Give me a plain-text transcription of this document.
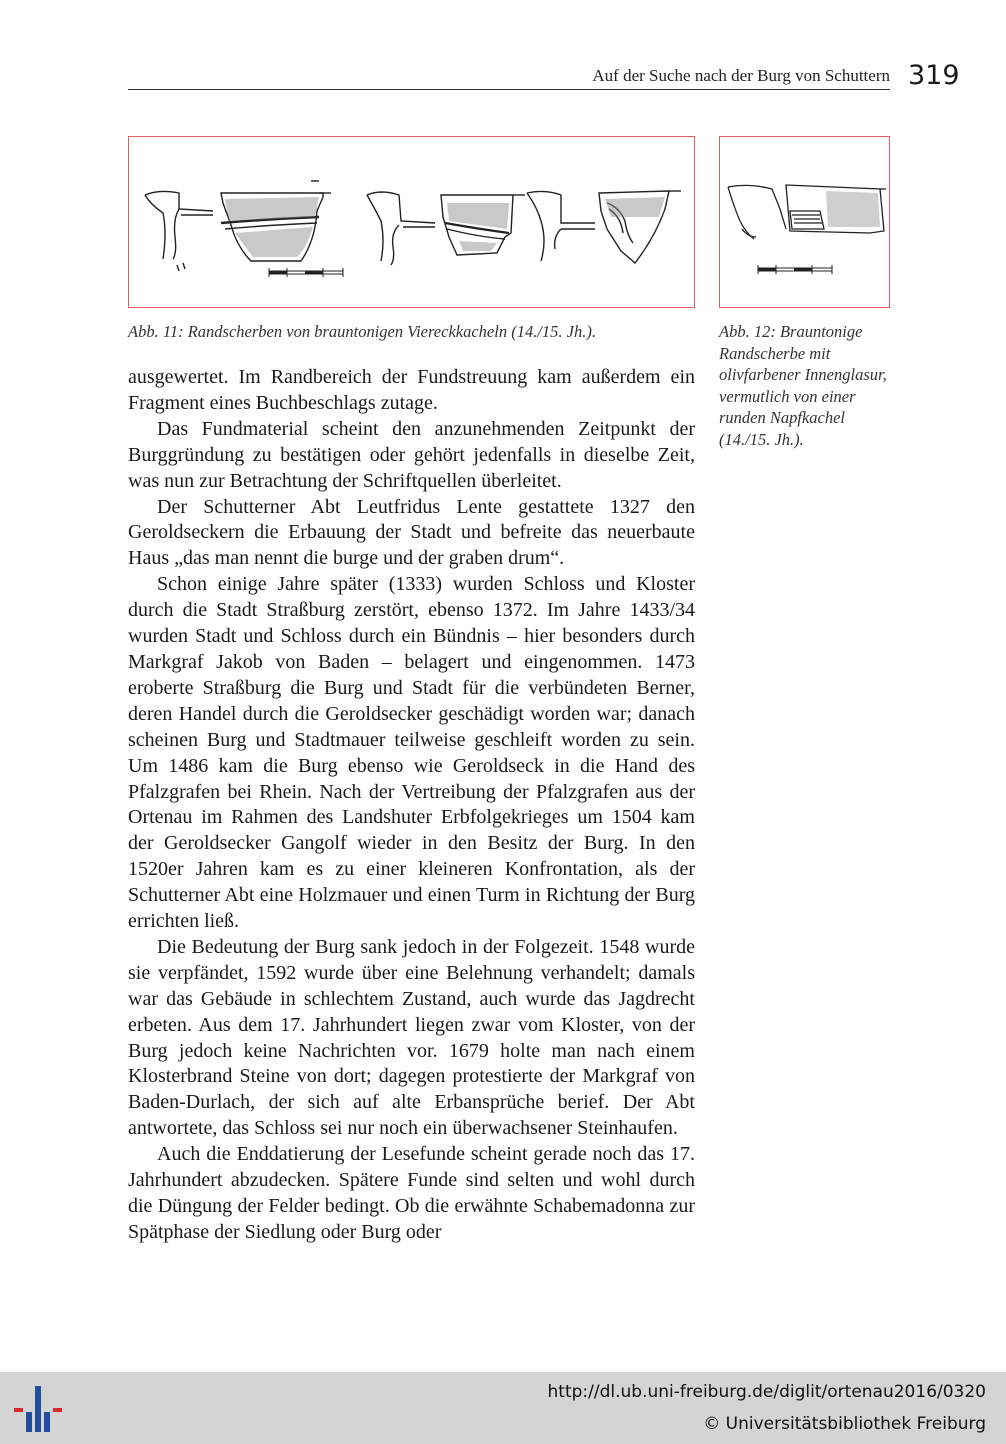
Auf der Suche nach der Burg von Schuttern 319
Abb. 11: Randscherben von brauntonigen Viereckkacheln (14./15. Jh.).	Abb. 12: Brauntonige Randscherbe mit olivfarbener Innenglasur, vermutlich von einer runden Napfkachel (14./15. Jh.).

ausgewertet. Im Randbereich der Fundstreuung kam außerdem ein Fragment eines Buchbeschlags zutage.

Das Fundmaterial scheint den anzunehmenden Zeitpunkt der Burggründung zu bestätigen oder gehört jedenfalls in dieselbe Zeit, was nun zur Betrachtung der Schriftquellen überleitet.

Der Schutterner Abt Leutfridus Lente gestattete 1327 den Geroldseckern die Erbauung der Stadt und befreite das neuerbaute Haus „das man nennt die burge und der graben drum“.

Schon einige Jahre später (1333) wurden Schloss und Kloster durch die Stadt Straßburg zerstört, ebenso 1372. Im Jahre 1433/34 wurden Stadt und Schloss durch ein Bündnis – hier besonders durch Markgraf Jakob von Baden – belagert und eingenommen. 1473 eroberte Straßburg die Burg und Stadt für die verbündeten Berner, deren Handel durch die Geroldsecker geschädigt worden war; danach scheinen Burg und Stadtmauer teilweise geschleift worden zu sein. Um 1486 kam die Burg ebenso wie Geroldseck in die Hand des Pfalzgrafen bei Rhein. Nach der Vertreibung der Pfalzgrafen aus der Ortenau im Rahmen des Landshuter Erbfolgekrieges um 1504 kam der Geroldsecker Gangolf wieder in den Besitz der Burg. In den 1520er Jahren kam es zu einer kleineren Konfrontation, als der Schutterner Abt eine Holzmauer und einen Turm in Richtung der Burg errichten ließ.

Die Bedeutung der Burg sank jedoch in der Folgezeit. 1548 wurde sie verpfändet, 1592 wurde über eine Belehnung verhandelt; damals war das Gebäude in schlechtem Zustand, auch wurde das Jagdrecht erbeten. Aus dem 17. Jahrhundert liegen zwar vom Kloster, von der Burg jedoch keine Nachrichten vor. 1679 holte man nach einem Klosterbrand Steine von dort; dagegen protestierte der Markgraf von Baden-Durlach, der sich auf alte Erbansprüche berief. Der Abt antwortete, das Schloss sei nur noch ein überwachsener Steinhaufen.

Auch die Enddatierung der Lesefunde scheint gerade noch das 17. Jahrhundert abzudecken. Spätere Funde sind selten und wohl durch die Düngung der Felder bedingt. Ob die erwähnte Schabemadonna zur Spätphase der Siedlung oder Burg oder

http://dl.ub.uni-freiburg.de/diglit/ortenau2016/0320
© Universitätsbibliothek Freiburg
